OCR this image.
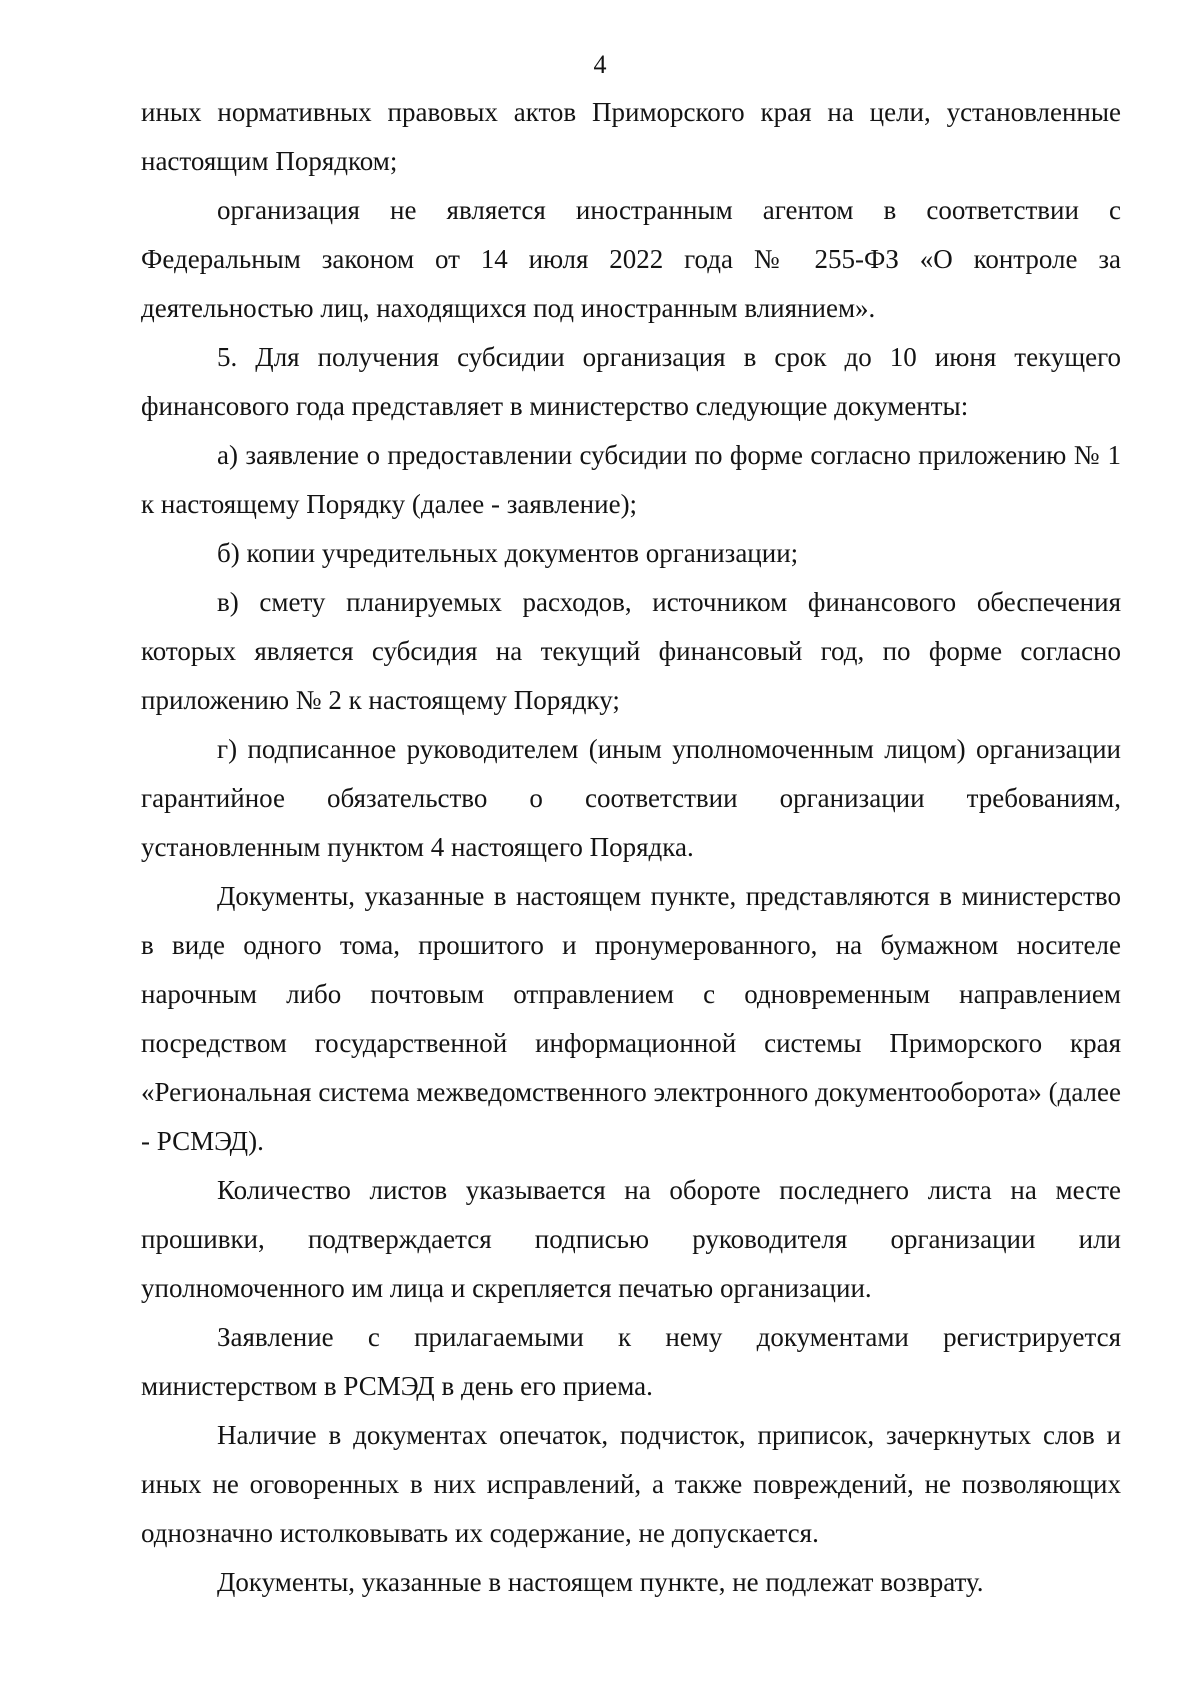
4

иных нормативных правовых актов Приморского края на цели, установленные настоящим Порядком;

организация не является иностранным агентом в соответствии с Федеральным законом от 14 июля 2022 года № 255-ФЗ «О контроле за деятельностью лиц, находящихся под иностранным влиянием».

5. Для получения субсидии организация в срок до 10 июня текущего финансового года представляет в министерство следующие документы:

а) заявление о предоставлении субсидии по форме согласно приложению № 1 к настоящему Порядку (далее - заявление);

б) копии учредительных документов организации;

в) смету планируемых расходов, источником финансового обеспечения которых является субсидия на текущий финансовый год, по форме согласно приложению № 2 к настоящему Порядку;

г) подписанное руководителем (иным уполномоченным лицом) организации гарантийное обязательство о соответствии организации требованиям, установленным пунктом 4 настоящего Порядка.

Документы, указанные в настоящем пункте, представляются в министерство в виде одного тома, прошитого и пронумерованного, на бумажном носителе нарочным либо почтовым отправлением с одновременным направлением посредством государственной информационной системы Приморского края «Региональная система межведомственного электронного документооборота» (далее - РСМЭД).

Количество листов указывается на обороте последнего листа на месте прошивки, подтверждается подписью руководителя организации или уполномоченного им лица и скрепляется печатью организации.

Заявление с прилагаемыми к нему документами регистрируется министерством в РСМЭД в день его приема.

Наличие в документах опечаток, подчисток, приписок, зачеркнутых слов и иных не оговоренных в них исправлений, а также повреждений, не позволяющих однозначно истолковывать их содержание, не допускается.

Документы, указанные в настоящем пункте, не подлежат возврату.
